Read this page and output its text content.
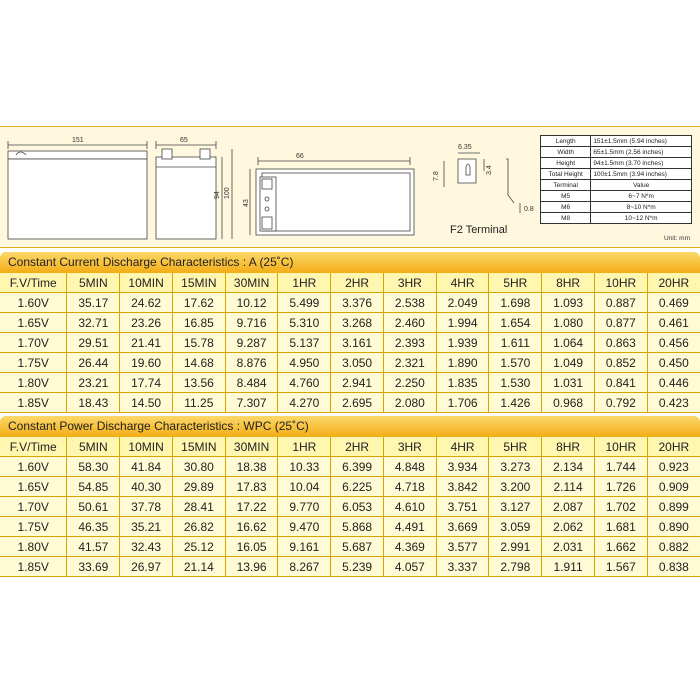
151	65
94 100
66
43
6.35
3.4
7.8
0.8
F2 Terminal
Length	151±1.5mm (5.94 inches)
Width	65±1.5mm (2.56 inches)
Height	94±1.5mm (3.70 inches)
Total Height	100±1.5mm (3.94 inches)
Terminal	Value
M5	6~7 N*m
M6	8~10 N*m
M8	10~12 N*m
Unit: mm
Constant Current Discharge Characteristics : A (25˚C)
F.V/Time	5MIN	10MIN	15MIN	30MIN	1HR	2HR	3HR	4HR	5HR	8HR	10HR	20HR
1.60V	35.17	24.62	17.62	10.12	5.499	3.376	2.538	2.049	1.698	1.093	0.887	0.469
1.65V	32.71	23.26	16.85	9.716	5.310	3.268	2.460	1.994	1.654	1.080	0.877	0.461
1.70V	29.51	21.41	15.78	9.287	5.137	3.161	2.393	1.939	1.611	1.064	0.863	0.456
1.75V	26.44	19.60	14.68	8.876	4.950	3.050	2.321	1.890	1.570	1.049	0.852	0.450
1.80V	23.21	17.74	13.56	8.484	4.760	2.941	2.250	1.835	1.530	1.031	0.841	0.446
1.85V	18.43	14.50	11.25	7.307	4.270	2.695	2.080	1.706	1.426	0.968	0.792	0.423
Constant Power Discharge Characteristics : WPC (25˚C)
F.V/Time	5MIN	10MIN	15MIN	30MIN	1HR	2HR	3HR	4HR	5HR	8HR	10HR	20HR
1.60V	58.30	41.84	30.80	18.38	10.33	6.399	4.848	3.934	3.273	2.134	1.744	0.923
1.65V	54.85	40.30	29.89	17.83	10.04	6.225	4.718	3.842	3.200	2.114	1.726	0.909
1.70V	50.61	37.78	28.41	17.22	9.770	6.053	4.610	3.751	3.127	2.087	1.702	0.899
1.75V	46.35	35.21	26.82	16.62	9.470	5.868	4.491	3.669	3.059	2.062	1.681	0.890
1.80V	41.57	32.43	25.12	16.05	9.161	5.687	4.369	3.577	2.991	2.031	1.662	0.882
1.85V	33.69	26.97	21.14	13.96	8.267	5.239	4.057	3.337	2.798	1.911	1.567	0.838
